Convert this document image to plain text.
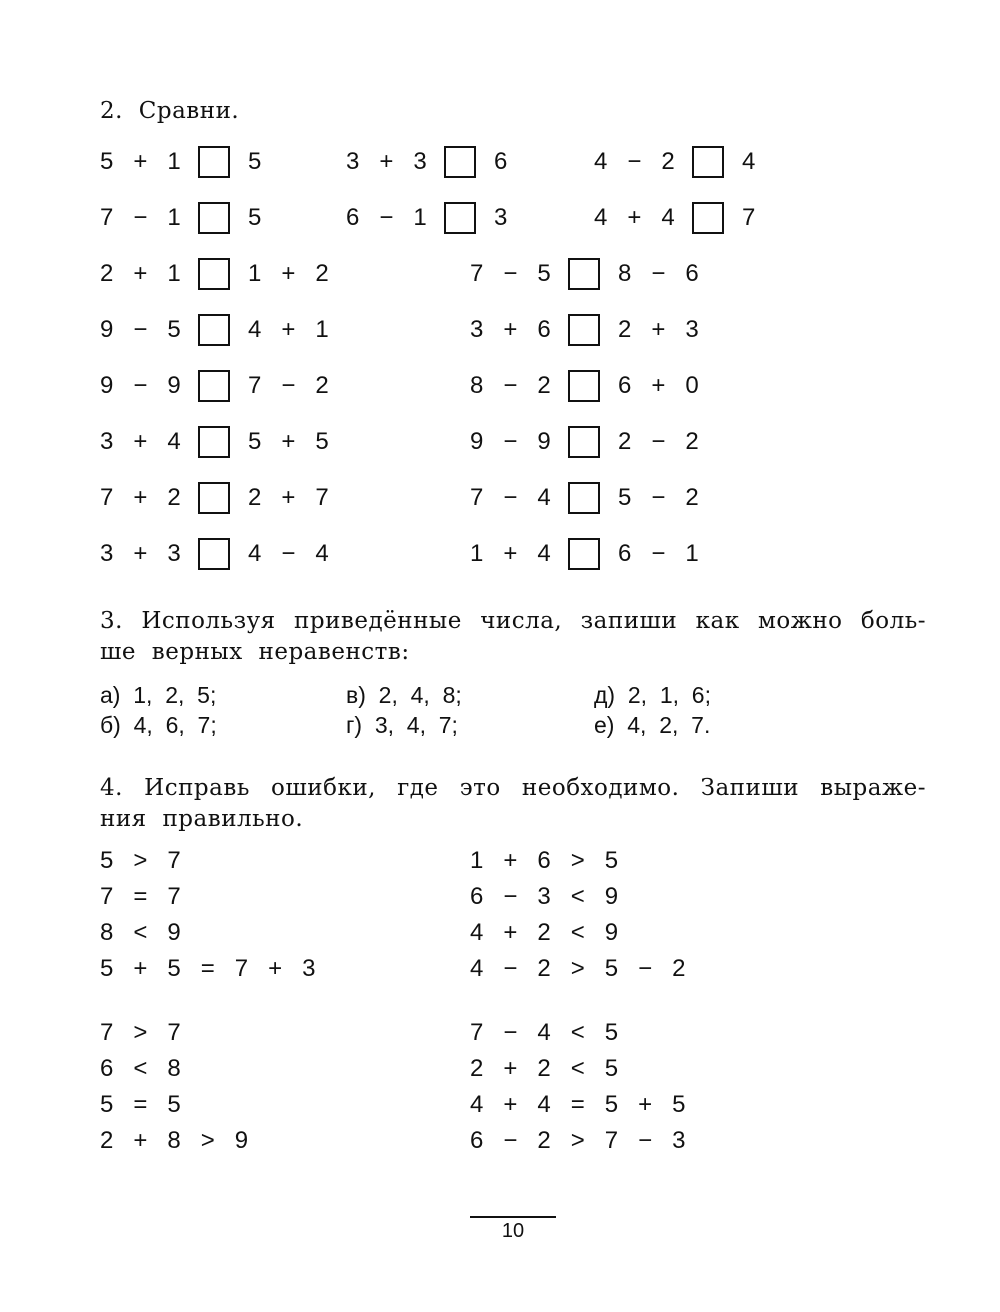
2. Сравни.
5   +   1	5	3   +   3	6	4   −   2	4
7   −   1	5	6   −   1	3	4   +   4	7
2   +   1	1   +   2	7   −   5	8   −   6
9   −   5	4   +   1	3   +   6	2   +   3
9   −   9	7   −   2	8   −   2	6   +   0
3   +   4	5   +   5	9   −   9	2   −   2
7   +   2	2   +   7	7   −   4	5   −   2
3   +   3	4   −   4	1   +   4	6   −   1
3. Используя приведённые числа, запиши как можно боль-
ше верных неравенств:
а)  1,  2,  5;	в)  2,  4,  8;	д)  2,  1,  6;
б)  4,  6,  7;	г)  3,  4,  7;	е)  4,  2,  7.
4. Исправь ошибки, где это необходимо. Запиши выраже-
ния правильно.
5   >   7
7   =   7
8   <   9
5   +   5   =   7   +   3
1   +   6   >   5
6   −   3   <   9
4   +   2   <   9
4   −   2   >   5   −   2
7   >   7
6   <   8
5   =   5
2   +   8   >   9
7   −   4   <   5
2   +   2   <   5
4   +   4   =   5   +   5
6   −   2   >   7   −   3
10
